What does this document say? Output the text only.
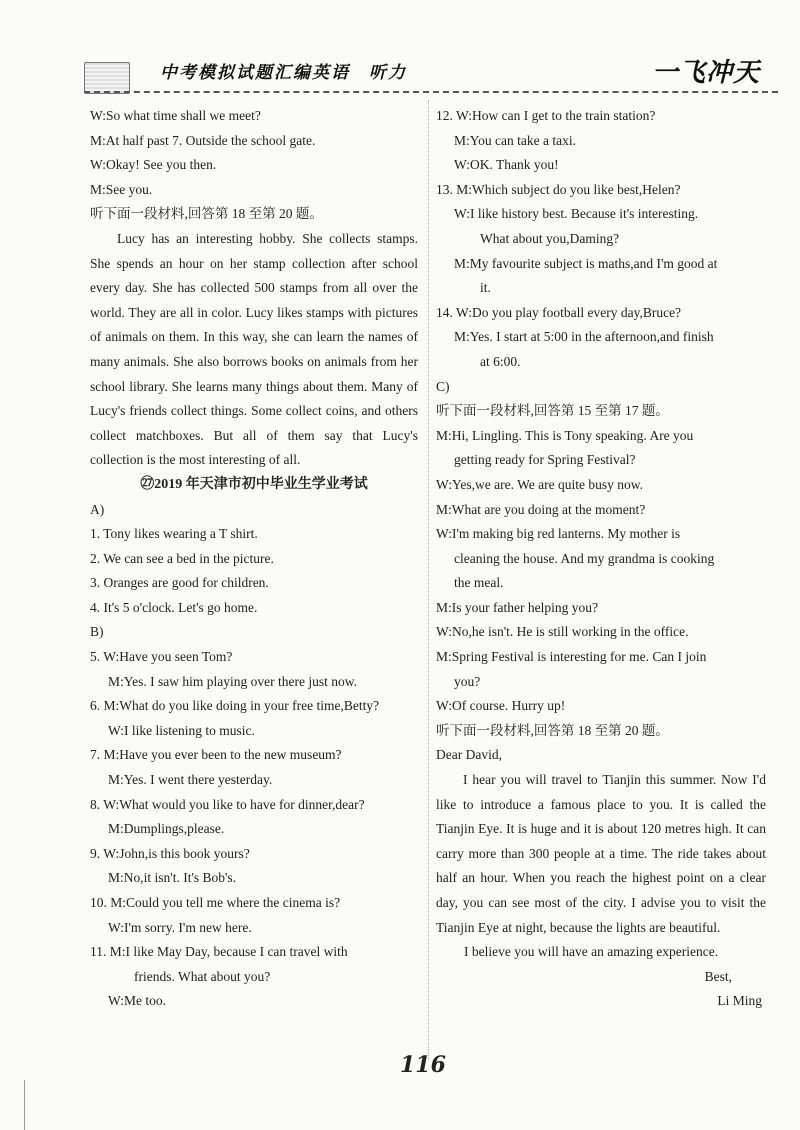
中考模拟试题汇编英语　听力	一飞冲天
W:So what time shall we meet?
M:At half past 7. Outside the school gate.
W:Okay! See you then.
M:See you.
听下面一段材料,回答第 18 至第 20 题。
Lucy has an interesting hobby. She collects stamps. She spends an hour on her stamp collection after school every day. She has collected 500 stamps from all over the world. They are all in color. Lucy likes stamps with pictures of animals on them. In this way, she can learn the names of many animals. She also borrows books on animals from her school library. She learns many things about them. Many of Lucy's friends collect things. Some collect coins, and others collect matchboxes. But all of them say that Lucy's collection is the most interesting of all.
㉗2019 年天津市初中毕业生学业考试
A)
1. Tony likes wearing a T shirt.
2. We can see a bed in the picture.
3. Oranges are good for children.
4. It's 5 o'clock. Let's go home.
B)
5. W:Have you seen Tom?
M:Yes. I saw him playing over there just now.
6. M:What do you like doing in your free time,Betty?
W:I like listening to music.
7. M:Have you ever been to the new museum?
M:Yes. I went there yesterday.
8. W:What would you like to have for dinner,dear?
M:Dumplings,please.
9. W:John,is this book yours?
M:No,it isn't. It's Bob's.
10. M:Could you tell me where the cinema is?
W:I'm sorry. I'm new here.
11. M:I like May Day, because I can travel with
friends. What about you?
W:Me too.
12. W:How can I get to the train station?
M:You can take a taxi.
W:OK. Thank you!
13. M:Which subject do you like best,Helen?
W:I like history best. Because it's interesting.
What about you,Daming?
M:My favourite subject is maths,and I'm good at
it.
14. W:Do you play football every day,Bruce?
M:Yes. I start at 5:00 in the afternoon,and finish
at 6:00.
C)
听下面一段材料,回答第 15 至第 17 题。
M:Hi, Lingling. This is Tony speaking. Are you
getting ready for Spring Festival?
W:Yes,we are. We are quite busy now.
M:What are you doing at the moment?
W:I'm making big red lanterns. My mother is
cleaning the house. And my grandma is cooking
the meal.
M:Is your father helping you?
W:No,he isn't. He is still working in the office.
M:Spring Festival is interesting for me. Can I join
you?
W:Of course. Hurry up!
听下面一段材料,回答第 18 至第 20 题。
Dear David,
I hear you will travel to Tianjin this summer. Now I'd like to introduce a famous place to you. It is called the Tianjin Eye. It is huge and it is about 120 metres high. It can carry more than 300 people at a time. The ride takes about half an hour. When you reach the highest point on a clear day, you can see most of the city. I advise you to visit the Tianjin Eye at night, because the lights are beautiful.
I believe you will have an amazing experience.
Best,
Li Ming
116
